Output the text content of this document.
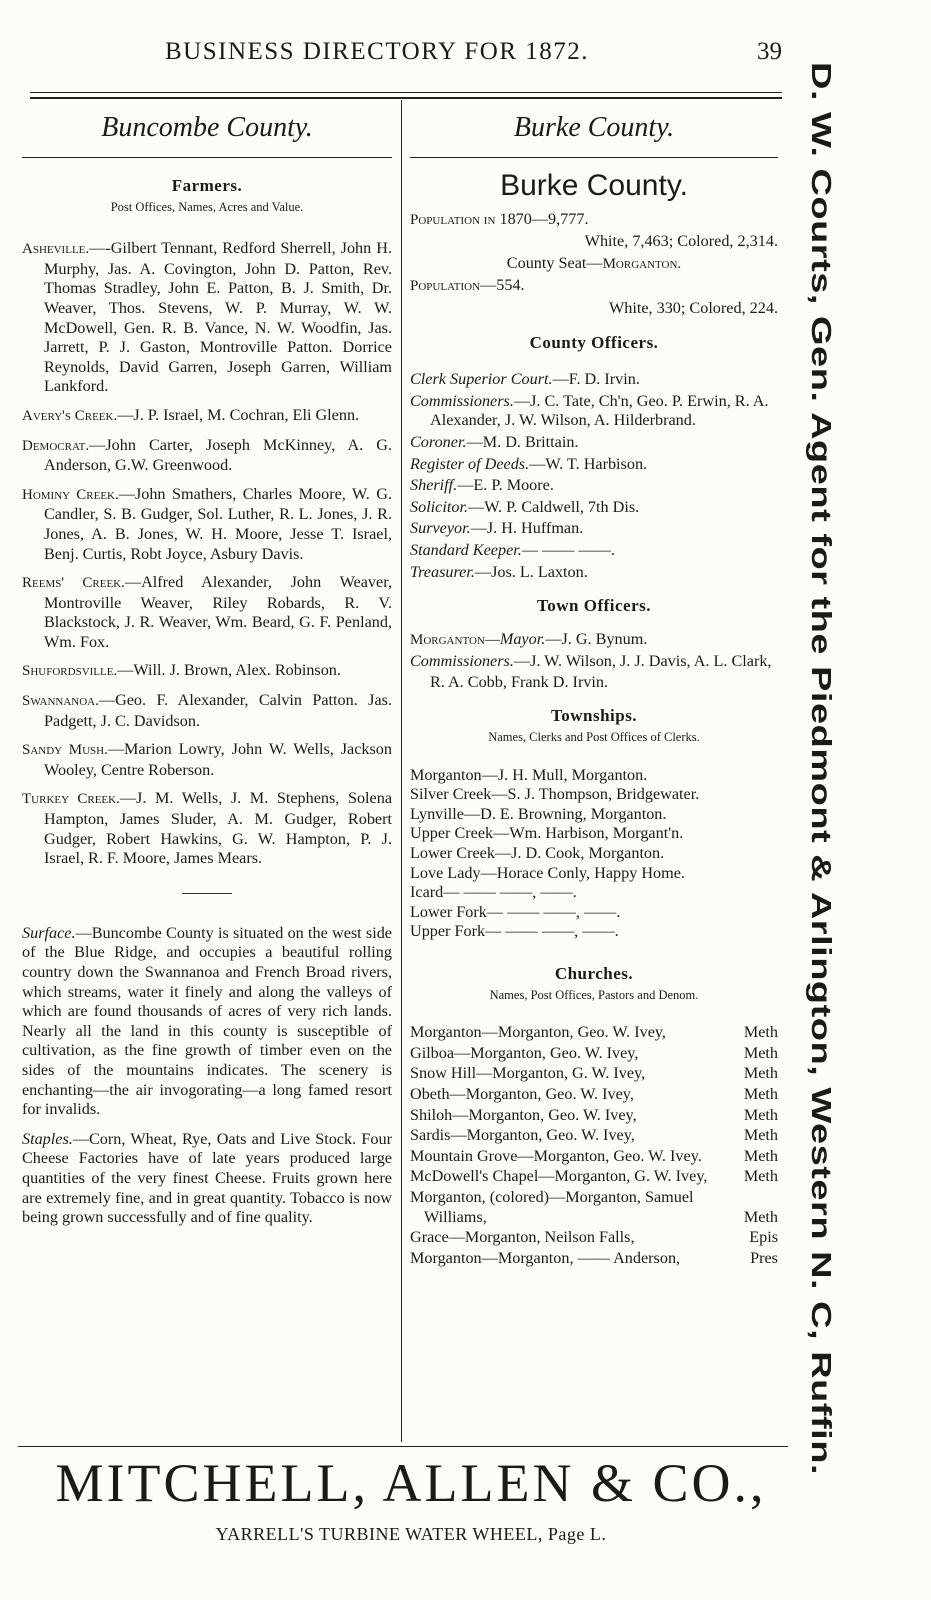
BUSINESS DIRECTORY FOR 1872.	39
Buncombe County.	Burke County.
Farmers.
Post Offices, Names, Acres and Value.
Asheville.—-Gilbert Tennant, Redford Sherrell, John H. Murphy, Jas. A. Covington, John D. Patton, Rev. Thomas Stradley, John E. Patton, B. J. Smith, Dr. Weaver, Thos. Stevens, W. P. Murray, W. W. McDowell, Gen. R. B. Vance, N. W. Woodfin, Jas. Jarrett, P. J. Gaston, Montroville Patton. Dorrice Reynolds, David Garren, Joseph Garren, William Lankford.
Avery's Creek.—J. P. Israel, M. Cochran, Eli Glenn.
Democrat.—John Carter, Joseph McKinney, A. G. Anderson, G.W. Greenwood.
Hominy Creek.—John Smathers, Charles Moore, W. G. Candler, S. B. Gudger, Sol. Luther, R. L. Jones, J. R. Jones, A. B. Jones, W. H. Moore, Jesse T. Israel, Benj. Curtis, Robt Joyce, Asbury Davis.
Reems' Creek.—Alfred Alexander, John Weaver, Montroville Weaver, Riley Robards, R. V. Blackstock, J. R. Weaver, Wm. Beard, G. F. Penland, Wm. Fox.
Shufordsville.—Will. J. Brown, Alex. Robinson.
Swannanoa.—Geo. F. Alexander, Calvin Patton. Jas. Padgett, J. C. Davidson.
Sandy Mush.—Marion Lowry, John W. Wells, Jackson Wooley, Centre Roberson.
Turkey Creek.—J. M. Wells, J. M. Stephens, Solena Hampton, James Sluder, A. M. Gudger, Robert Gudger, Robert Hawkins, G. W. Hampton, P. J. Israel, R. F. Moore, James Mears.
Surface.—Buncombe County is situated on the west side of the Blue Ridge, and occupies a beautiful rolling country down the Swannanoa and French Broad rivers, which streams, water it finely and along the valleys of which are found thousands of acres of very rich lands. Nearly all the land in this county is susceptible of cultivation, as the fine growth of timber even on the sides of the mountains indicates. The scenery is enchanting—the air invogorating—a long famed resort for invalids.
Staples.—Corn, Wheat, Rye, Oats and Live Stock. Four Cheese Factories have of late years produced large quantities of the very finest Cheese. Fruits grown here are extremely fine, and in great quantity. Tobacco is now being grown successfully and of fine quality.
Burke County.
Population in 1870—9,777.
White, 7,463; Colored, 2,314.
County Seat—Morganton.
Population—554.
White, 330; Colored, 224.
County Officers.
Clerk Superior Court.—F. D. Irvin.
Commissioners.—J. C. Tate, Ch'n, Geo. P. Erwin, R. A. Alexander, J. W. Wilson, A. Hilderbrand.
Coroner.—M. D. Brittain.
Register of Deeds.—W. T. Harbison.
Sheriff.—E. P. Moore.
Solicitor.—W. P. Caldwell, 7th Dis.
Surveyor.—J. H. Huffman.
Standard Keeper.— —— ——.
Treasurer.—Jos. L. Laxton.
Town Officers.
Morganton—Mayor.—J. G. Bynum.
Commissioners.—J. W. Wilson, J. J. Davis, A. L. Clark, R. A. Cobb, Frank D. Irvin.
Townships.
Names, Clerks and Post Offices of Clerks.
Morganton—J. H. Mull, Morganton.
Silver Creek—S. J. Thompson, Bridgewater.
Lynville—D. E. Browning, Morganton.
Upper Creek—Wm. Harbison, Morgant'n.
Lower Creek—J. D. Cook, Morganton.
Love Lady—Horace Conly, Happy Home.
Icard— —— ——, ——.
Lower Fork— —— ——, ——.
Upper Fork— —— ——, ——.
Churches.
Names, Post Offices, Pastors and Denom.
Morganton—Morganton, Geo. W. Ivey,	Meth
Gilboa—Morganton, Geo. W. Ivey,	Meth
Snow Hill—Morganton, G. W. Ivey,	Meth
Obeth—Morganton, Geo. W. Ivey,	Meth
Shiloh—Morganton, Geo. W. Ivey,	Meth
Sardis—Morganton, Geo. W. Ivey,	Meth
Mountain Grove—Morganton, Geo. W. Ivey.	Meth
McDowell's Chapel—Morganton, G. W. Ivey, Meth
Morganton, (colored)—Morganton, Samuel Williams,	Meth
Grace—Morganton, Neilson Falls,	Epis
Morganton—Morganton, —— Anderson,	Pres D. W. Courts, Gen. Agent for the Piedmont & Arlington, Western N. C, Ruffin.
MITCHELL, ALLEN & CO.,
YARRELL'S TURBINE WATER WHEEL, Page L.
